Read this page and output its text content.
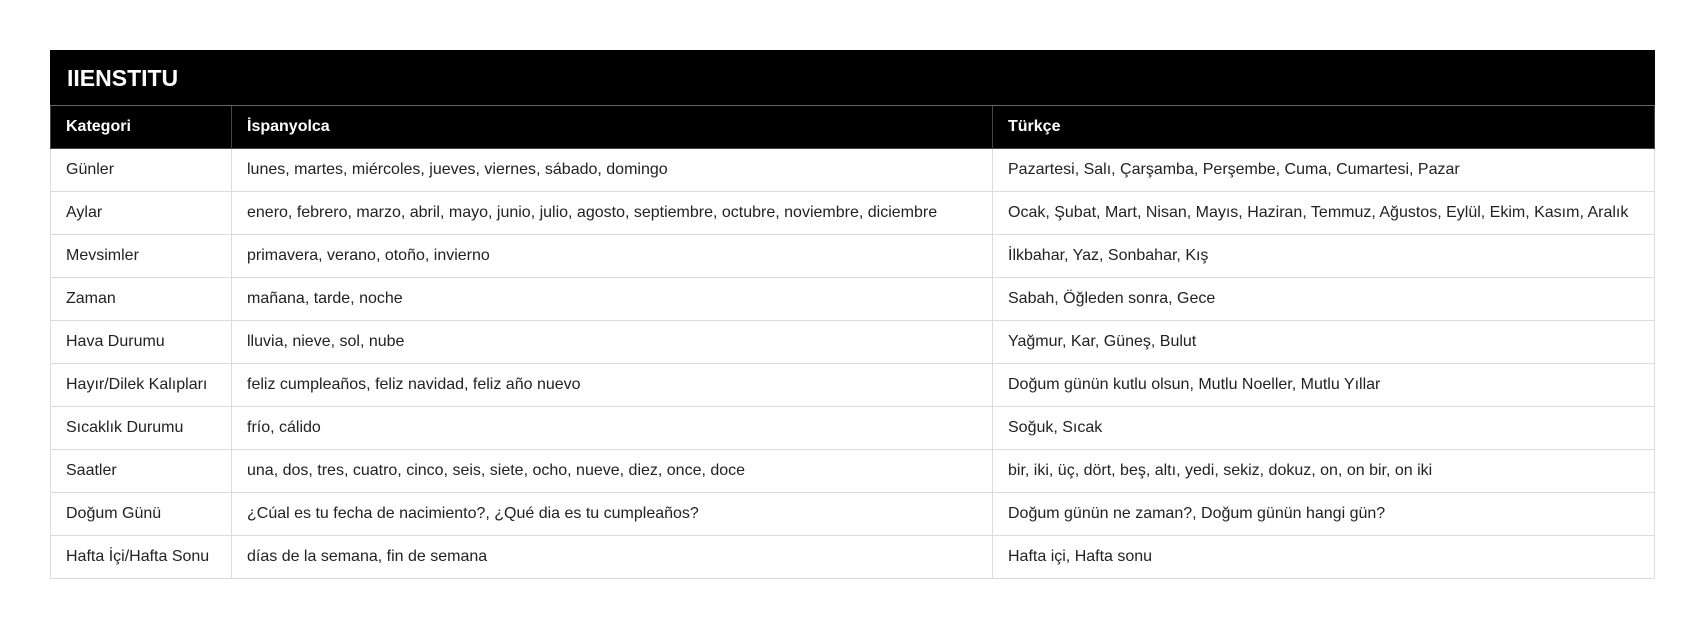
IIENSTITU		
Kategori	İspanyolca	Türkçe
Günler	lunes, martes, miércoles, jueves, viernes, sábado, domingo	Pazartesi, Salı, Çarşamba, Perşembe, Cuma, Cumartesi, Pazar
Aylar	enero, febrero, marzo, abril, mayo, junio, julio, agosto, septiembre, octubre, noviembre, diciembre	Ocak, Şubat, Mart, Nisan, Mayıs, Haziran, Temmuz, Ağustos, Eylül, Ekim, Kasım, Aralık
Mevsimler	primavera, verano, otoño, invierno	İlkbahar, Yaz, Sonbahar, Kış
Zaman	mañana, tarde, noche	Sabah, Öğleden sonra, Gece
Hava Durumu	lluvia, nieve, sol, nube	Yağmur, Kar, Güneş, Bulut
Hayır/Dilek Kalıpları	feliz cumpleaños, feliz navidad, feliz año nuevo	Doğum günün kutlu olsun, Mutlu Noeller, Mutlu Yıllar
Sıcaklık Durumu	frío, cálido	Soğuk, Sıcak
Saatler	una, dos, tres, cuatro, cinco, seis, siete, ocho, nueve, diez, once, doce	bir, iki, üç, dört, beş, altı, yedi, sekiz, dokuz, on, on bir, on iki
Doğum Günü	¿Cúal es tu fecha de nacimiento?, ¿Qué dia es tu cumpleaños?	Doğum günün ne zaman?, Doğum günün hangi gün?
Hafta İçi/Hafta Sonu	días de la semana, fin de semana	Hafta içi, Hafta sonu
